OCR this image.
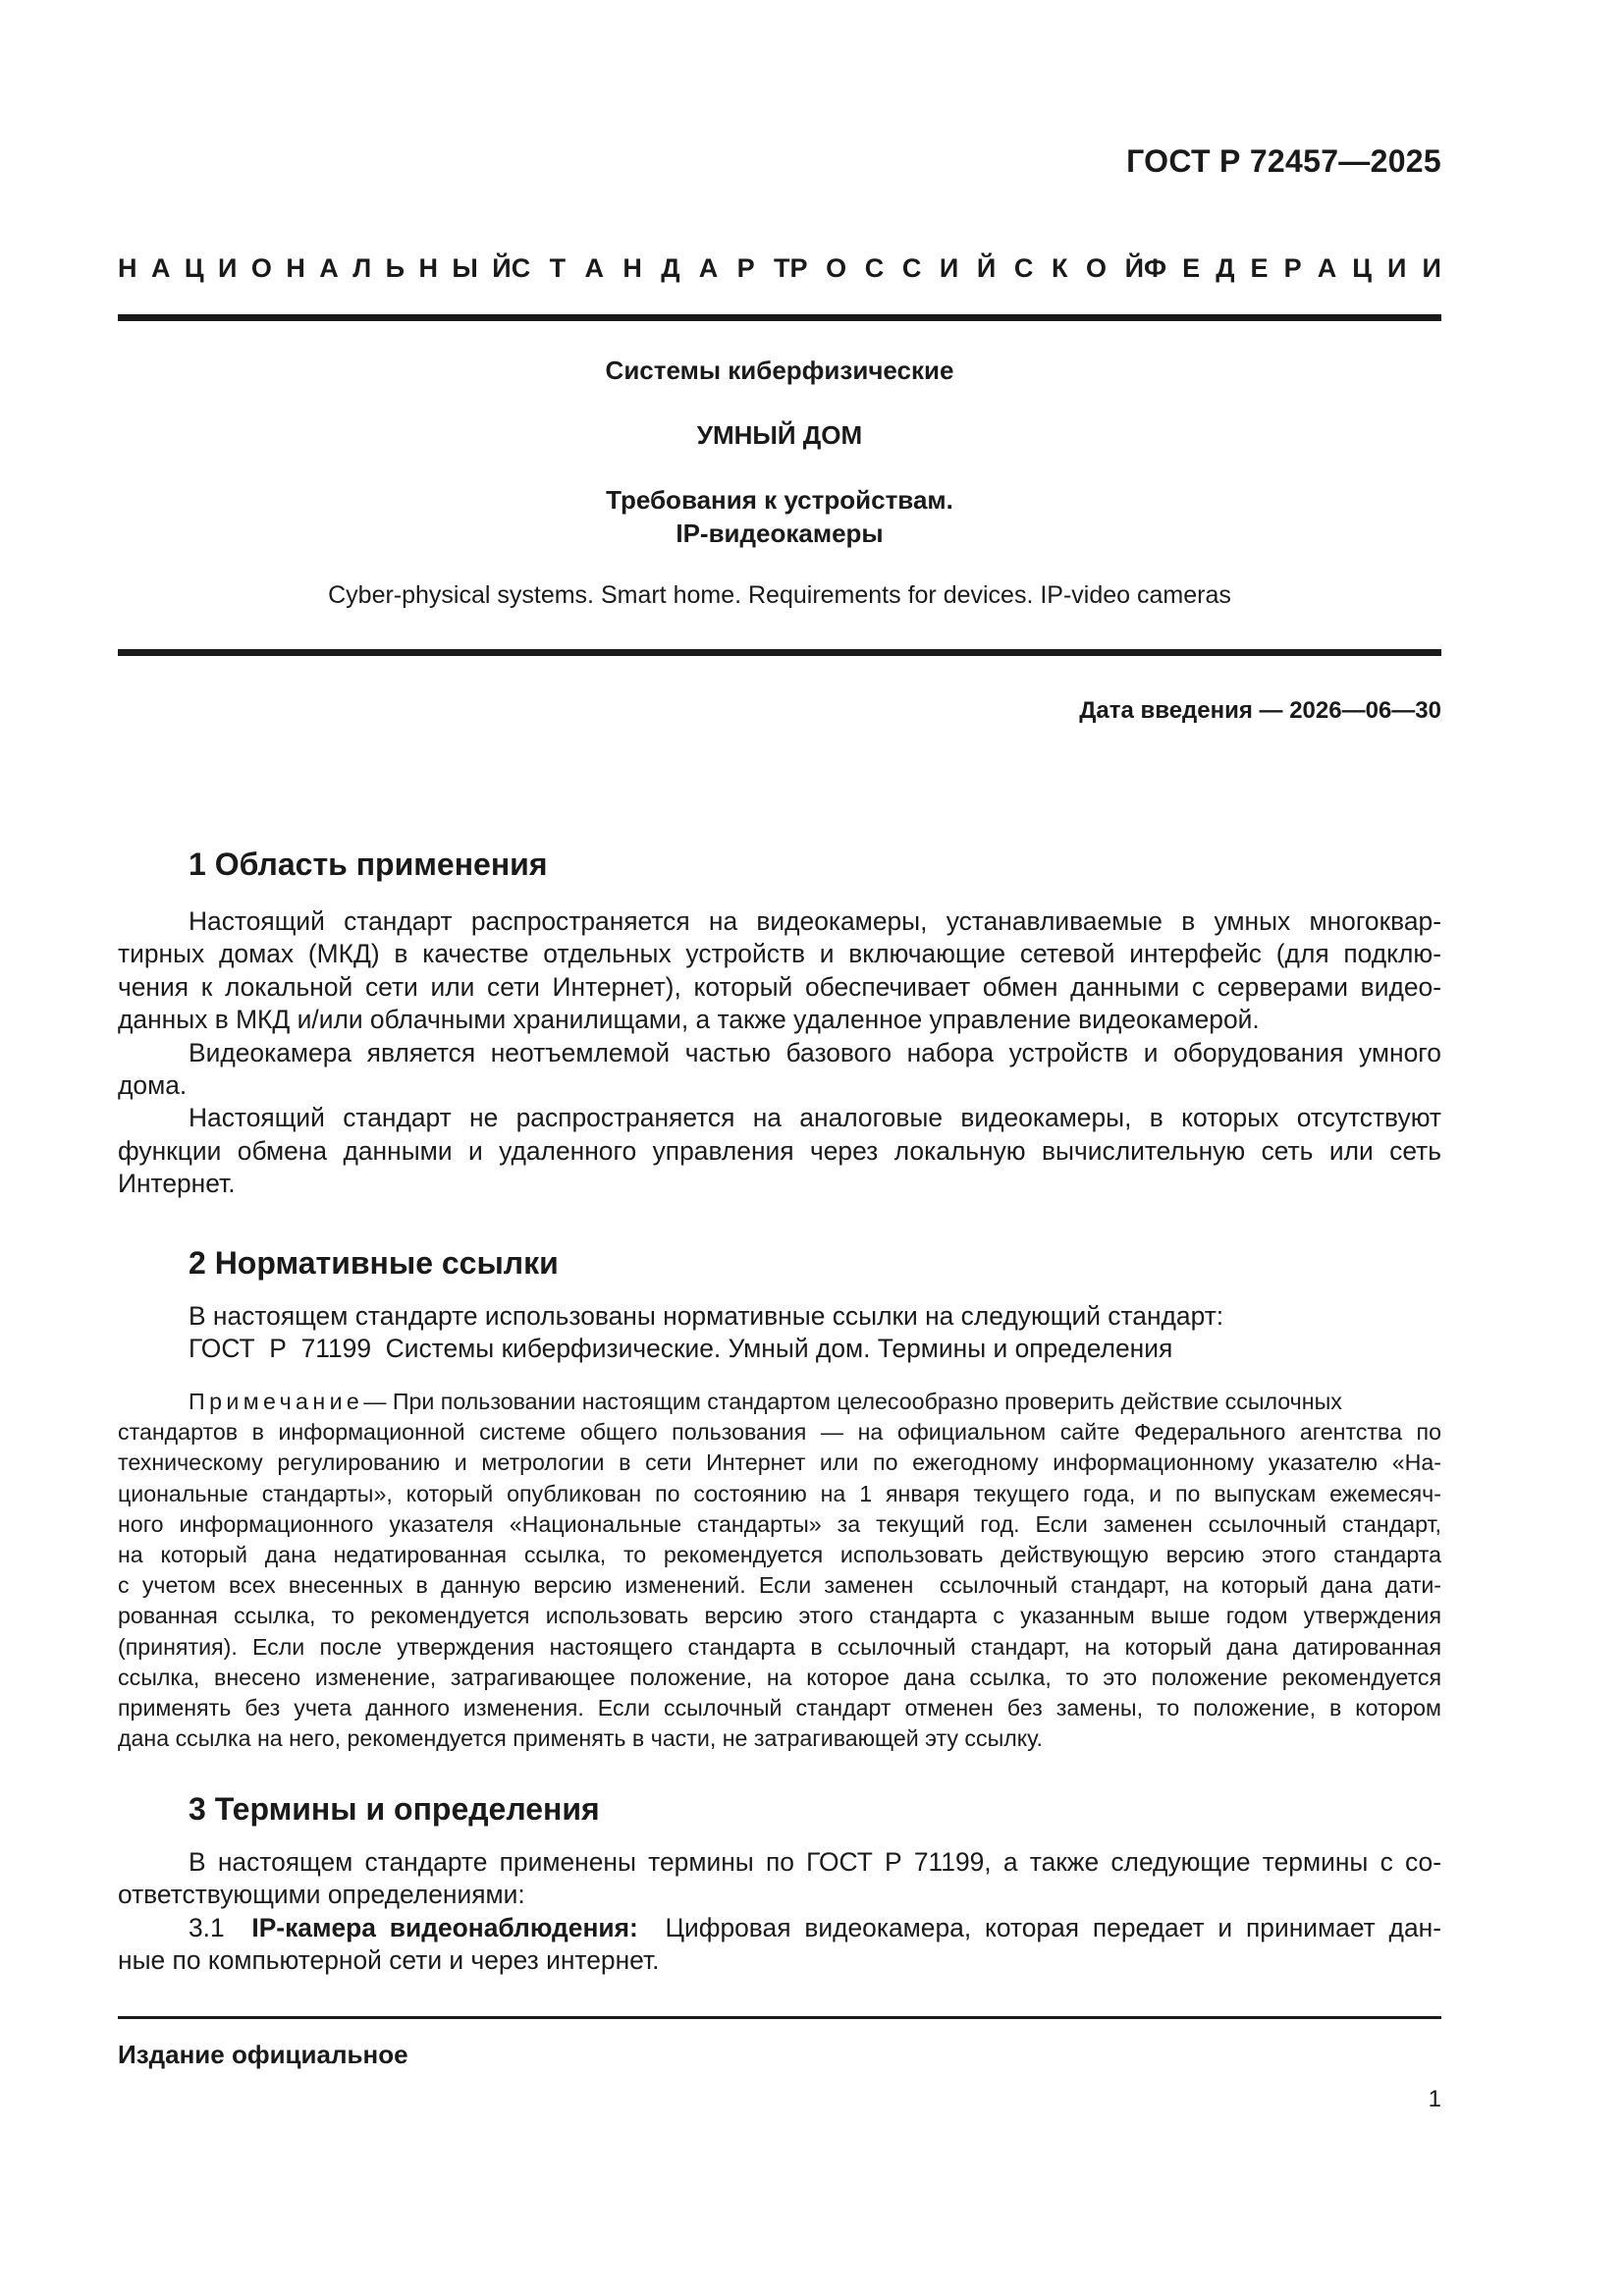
ГОСТ Р 72457—2025
Н А Ц И О Н А Л Ь Н Ы Й С Т А Н Д А Р Т Р О С С И Й С К О Й Ф Е Д Е Р А Ц И И
Системы киберфизические
УМНЫЙ ДОМ
Требования к устройствам.
IP-видеокамеры
Cyber-physical systems. Smart home. Requirements for devices. IP-video cameras
Дата введения — 2026—06—30
1 Область применения

Настоящий стандарт распространяется на видеокамеры, устанавливаемые в умных многоквар-
тирных домах (МКД) в качестве отдельных устройств и включающие сетевой интерфейс (для подклю-
чения к локальной сети или сети Интернет), который обеспечивает обмен данными с серверами видео-
данных в МКД и/или облачными хранилищами, а также удаленное управление видеокамерой.
Видеокамера является неотъемлемой частью базового набора устройств и оборудования умного
дома.
Настоящий стандарт не распространяется на аналоговые видеокамеры, в которых отсутствуют
функции обмена данными и удаленного управления через локальную вычислительную сеть или сеть
Интернет.

2 Нормативные ссылки

В настоящем стандарте использованы нормативные ссылки на следующий стандарт:
ГОСТ  Р  71199  Системы киберфизические. Умный дом. Термины и определения

Примечание— При пользовании настоящим стандартом целесообразно проверить действие ссылочных
стандартов в информационной системе общего пользования — на официальном сайте Федерального агентства по
техническому регулированию и метрологии в сети Интернет или по ежегодному информационному указателю «На-
циональные стандарты», который опубликован по состоянию на 1 января текущего года, и по выпускам ежемесяч-
ного информационного указателя «Национальные стандарты» за текущий год. Если заменен ссылочный стандарт,
на который дана недатированная ссылка, то рекомендуется использовать действующую версию этого стандарта
с учетом всех внесенных в данную версию изменений. Если заменен  ссылочный стандарт, на который дана дати-
рованная ссылка, то рекомендуется использовать версию этого стандарта с указанным выше годом утверждения
(принятия). Если после утверждения настоящего стандарта в ссылочный стандарт, на который дана датированная
ссылка, внесено изменение, затрагивающее положение, на которое дана ссылка, то это положение рекомендуется
применять без учета данного изменения. Если ссылочный стандарт отменен без замены, то положение, в котором
дана ссылка на него, рекомендуется применять в части, не затрагивающей эту ссылку.

3 Термины и определения

В настоящем стандарте применены термины по ГОСТ Р 71199, а также следующие термины с со-
ответствующими определениями:
3.1 IP-камера видеонаблюдения: Цифровая видеокамера, которая передает и принимает дан-
ные по компьютерной сети и через интернет.

Издание официальное
1
